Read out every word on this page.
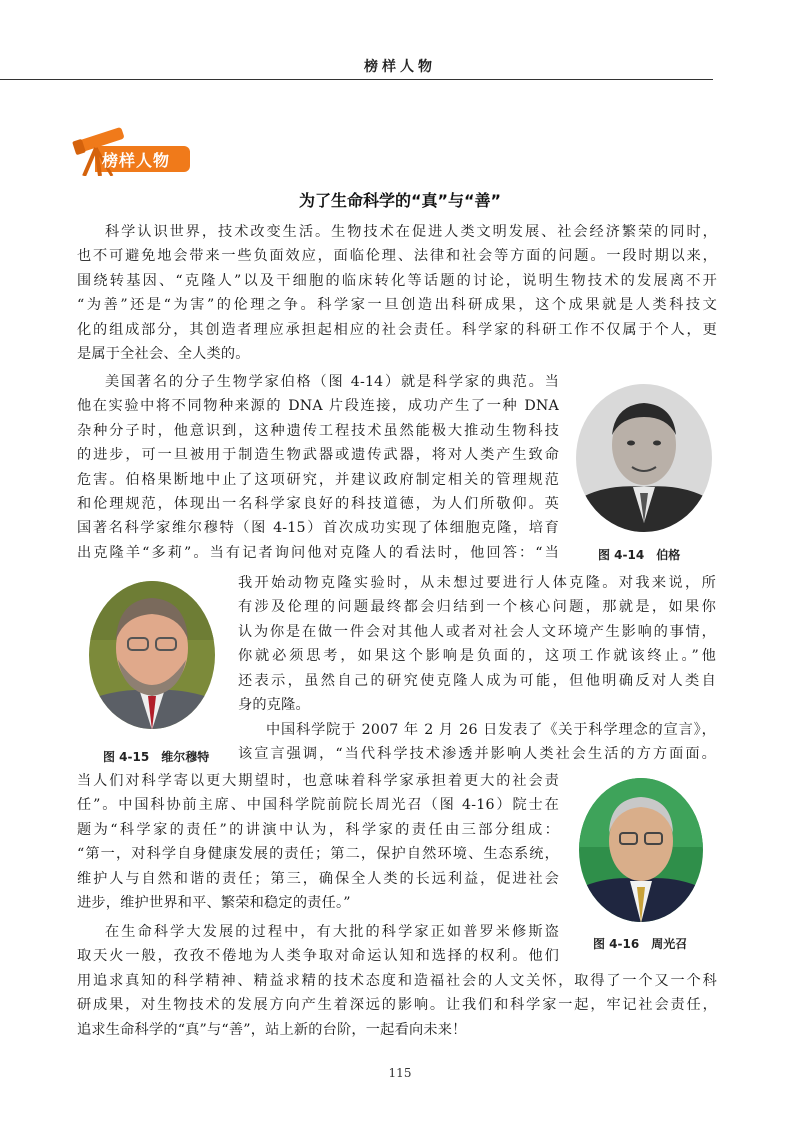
榜样人物
榜样人物
为了生命科学的“真”与“善”
科学认识世界，技术改变生活。生物技术在促进人类文明发展、社会经济繁荣的同时，
也不可避免地会带来一些负面效应，面临伦理、法律和社会等方面的问题。一段时期以来，
围绕转基因、“克隆人”以及干细胞的临床转化等话题的讨论，说明生物技术的发展离不开
“为善”还是“为害”的伦理之争。科学家一旦创造出科研成果，这个成果就是人类科技文
化的组成部分，其创造者理应承担起相应的社会责任。科学家的科研工作不仅属于个人，更
是属于全社会、全人类的。
美国著名的分子生物学家伯格（图 4-14）就是科学家的典范。当
他在实验中将不同物种来源的 DNA 片段连接，成功产生了一种 DNA
杂种分子时，他意识到，这种遗传工程技术虽然能极大推动生物科技
的进步，可一旦被用于制造生物武器或遗传武器，将对人类产生致命
危害。伯格果断地中止了这项研究，并建议政府制定相关的管理规范
和伦理规范，体现出一名科学家良好的科技道德，为人们所敬仰。英
国著名科学家维尔穆特（图 4-15）首次成功实现了体细胞克隆，培育
出克隆羊“多莉”。当有记者询问他对克隆人的看法时，他回答：“当	图 4-14　伯格
图 4-15　维尔穆特
我开始动物克隆实验时，从未想过要进行人体克隆。对我来说，所
有涉及伦理的问题最终都会归结到一个核心问题，那就是，如果你
认为你是在做一件会对其他人或者对社会人文环境产生影响的事情，
你就必须思考，如果这个影响是负面的，这项工作就该终止。”他
还表示，虽然自己的研究使克隆人成为可能，但他明确反对人类自
身的克隆。
中国科学院于 2007 年 2 月 26 日发表了《关于科学理念的宣言》，
该宣言强调，“当代科学技术渗透并影响人类社会生活的方方面面。
当人们对科学寄以更大期望时，也意味着科学家承担着更大的社会责
任”。中国科协前主席、中国科学院前院长周光召（图 4-16）院士在
题为“科学家的责任”的讲演中认为，科学家的责任由三部分组成：
“第一，对科学自身健康发展的责任；第二，保护自然环境、生态系统，
维护人与自然和谐的责任；第三，确保全人类的长远利益，促进社会
进步，维护世界和平、繁荣和稳定的责任。”
图 4-16　周光召
在生命科学大发展的过程中，有大批的科学家正如普罗米修斯盗
取天火一般，孜孜不倦地为人类争取对命运认知和选择的权利。他们
用追求真知的科学精神、精益求精的技术态度和造福社会的人文关怀，取得了一个又一个科
研成果，对生物技术的发展方向产生着深远的影响。让我们和科学家一起，牢记社会责任，
追求生命科学的“真”与“善”，站上新的台阶，一起看向未来！
115
